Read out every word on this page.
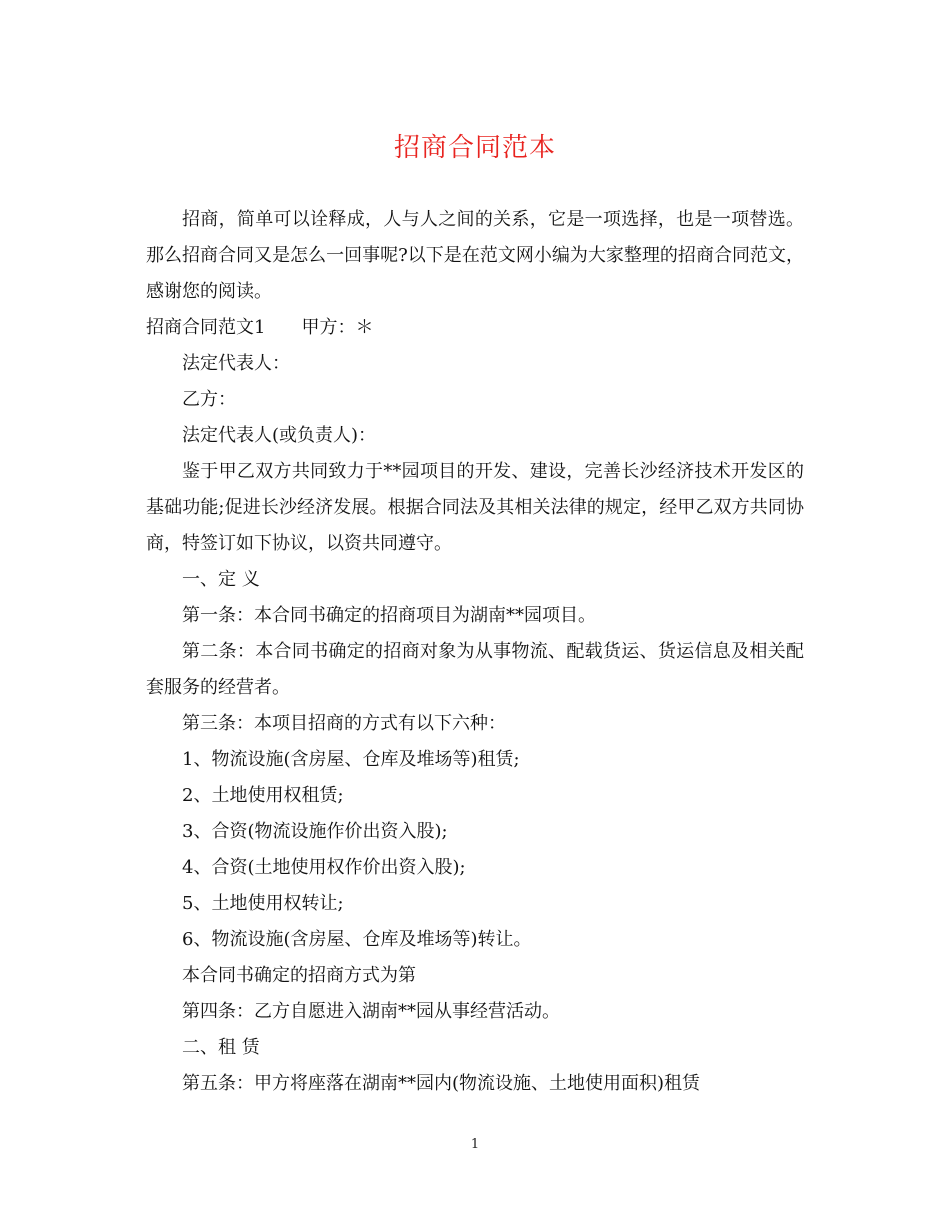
招商合同范本

招商，简单可以诠释成，人与人之间的关系，它是一项选择，也是一项替选。那么招商合同又是怎么一回事呢?以下是在范文网小编为大家整理的招商合同范文，感谢您的阅读。

招商合同范文1 甲方：＊

法定代表人：

乙方：

法定代表人(或负责人)：

鉴于甲乙双方共同致力于**园项目的开发、建设，完善长沙经济技术开发区的基础功能;促进长沙经济发展。根据合同法及其相关法律的规定，经甲乙双方共同协商，特签订如下协议，以资共同遵守。

一、定 义

第一条：本合同书确定的招商项目为湖南**园项目。

第二条：本合同书确定的招商对象为从事物流、配载货运、货运信息及相关配套服务的经营者。

第三条：本项目招商的方式有以下六种：

1、物流设施(含房屋、仓库及堆场等)租赁;

2、土地使用权租赁;

3、合资(物流设施作价出资入股);

4、合资(土地使用权作价出资入股);

5、土地使用权转让;

6、物流设施(含房屋、仓库及堆场等)转让。

本合同书确定的招商方式为第

第四条：乙方自愿进入湖南**园从事经营活动。

二、租 赁

第五条：甲方将座落在湖南**园内(物流设施、土地使用面积)租赁

1
